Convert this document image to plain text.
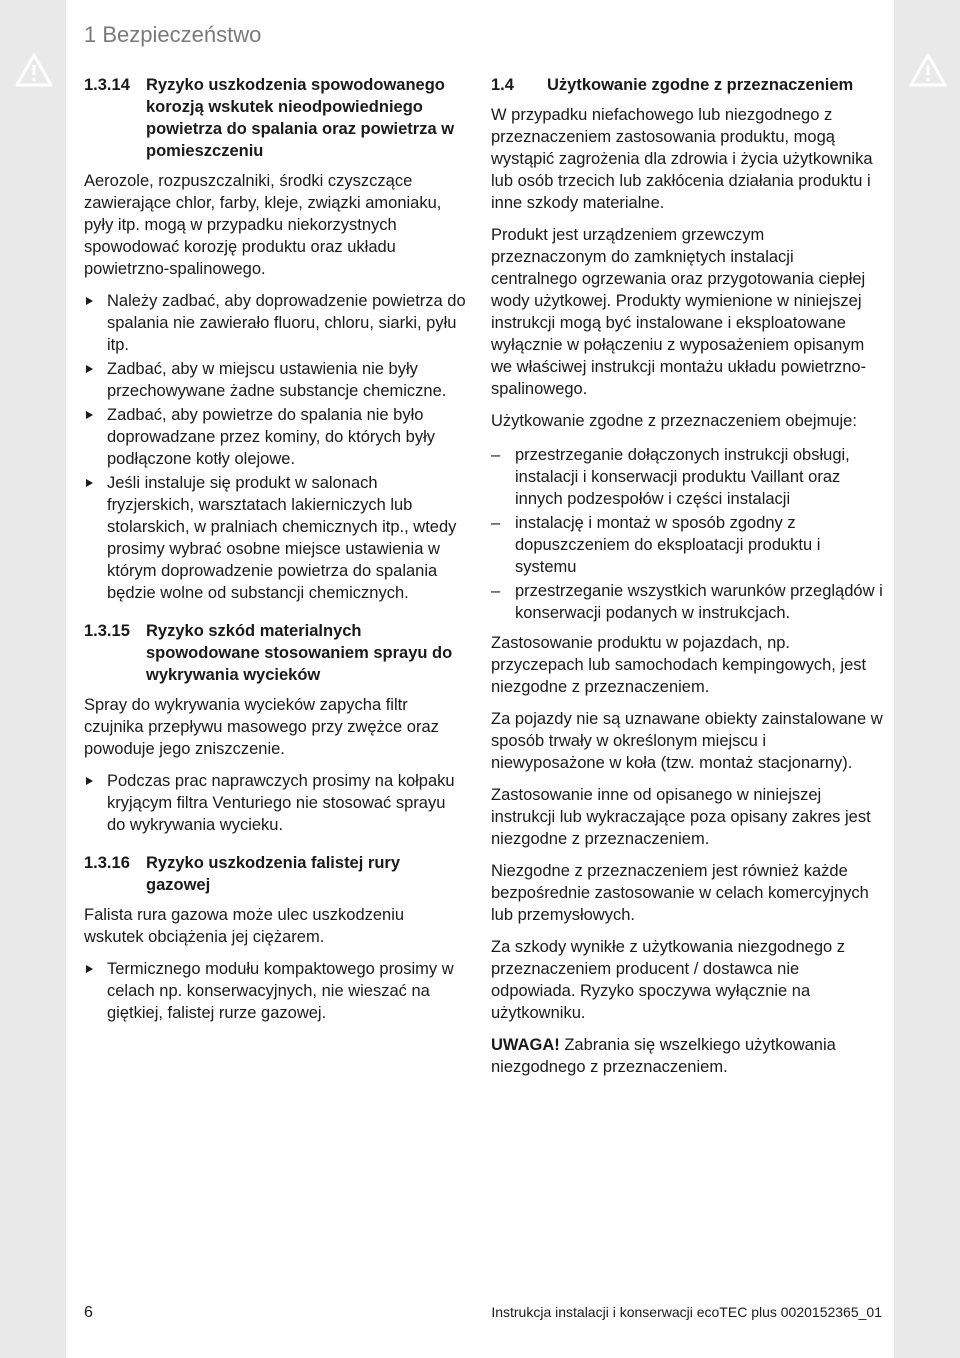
1 Bezpieczeństwo
1.3.14 Ryzyko uszkodzenia spowodowanego korozją wskutek nieodpowiedniego powietrza do spalania oraz powietrza w pomieszczeniu

Aerozole, rozpuszczalniki, środki czyszczące zawierające chlor, farby, kleje, związki amoniaku, pyły itp. mogą w przypadku niekorzystnych spowodować korozję produktu oraz układu powietrzno-spalinowego.

Należy zadbać, aby doprowadzenie powietrza do spalania nie zawierało fluoru, chloru, siarki, pyłu itp.
Zadbać, aby w miejscu ustawienia nie były przechowywane żadne substancje chemiczne.
Zadbać, aby powietrze do spalania nie było doprowadzane przez kominy, do których były podłączone kotły olejowe.
Jeśli instaluje się produkt w salonach fryzjerskich, warsztatach lakierniczych lub stolarskich, w pralniach chemicznych itp., wtedy prosimy wybrać osobne miejsce ustawienia w którym doprowadzenie powietrza do spalania będzie wolne od substancji chemicznych.
1.3.15 Ryzyko szkód materialnych spowodowane stosowaniem sprayu do wykrywania wycieków

Spray do wykrywania wycieków zapycha filtr czujnika przepływu masowego przy zwężce oraz powoduje jego zniszczenie.

Podczas prac naprawczych prosimy na kołpaku kryjącym filtra Venturiego nie stosować sprayu do wykrywania wycieku.
1.3.16 Ryzyko uszkodzenia falistej rury gazowej

Falista rura gazowa może ulec uszkodzeniu wskutek obciążenia jej ciężarem.

Termicznego modułu kompaktowego prosimy w celach np. konserwacyjnych, nie wieszać na giętkiej, falistej rurze gazowej.
1.4	Użytkowanie zgodne z przeznaczeniem

W przypadku niefachowego lub niezgodnego z przeznaczeniem zastosowania produktu, mogą wystąpić zagrożenia dla zdrowia i życia użytkownika lub osób trzecich lub zakłócenia działania produktu i inne szkody materialne.

Produkt jest urządzeniem grzewczym przeznaczonym do zamkniętych instalacji centralnego ogrzewania oraz przygotowania ciepłej wody użytkowej. Produkty wymienione w niniejszej instrukcji mogą być instalowane i eksploatowane wyłącznie w połączeniu z wyposażeniem opisanym we właściwej instrukcji montażu układu powietrzno-spalinowego.

Użytkowanie zgodne z przeznaczeniem obejmuje:

– przestrzeganie dołączonych instrukcji obsługi, instalacji i konserwacji produktu Vaillant oraz innych podzespołów i części instalacji
– instalację i montaż w sposób zgodny z dopuszczeniem do eksploatacji produktu i systemu
– przestrzeganie wszystkich warunków przeglądów i konserwacji podanych w instrukcjach.

Zastosowanie produktu w pojazdach, np. przyczepach lub samochodach kempingowych, jest niezgodne z przeznaczeniem.

Za pojazdy nie są uznawane obiekty zainstalowane w sposób trwały w określonym miejscu i niewyposażone w koła (tzw. montaż stacjonarny).

Zastosowanie inne od opisanego w niniejszej instrukcji lub wykraczające poza opisany zakres jest niezgodne z przeznaczeniem.

Niezgodne z przeznaczeniem jest również każde bezpośrednie zastosowanie w celach komercyjnych lub przemysłowych.

Za szkody wynikłe z użytkowania niezgodnego z przeznaczeniem producent / dostawca nie odpowiada. Ryzyko spoczywa wyłącznie na użytkowniku.

UWAGA! Zabrania się wszelkiego użytkowania niezgodnego z przeznaczeniem.

6	Instrukcja instalacji i konserwacji ecoTEC plus 0020152365_01
